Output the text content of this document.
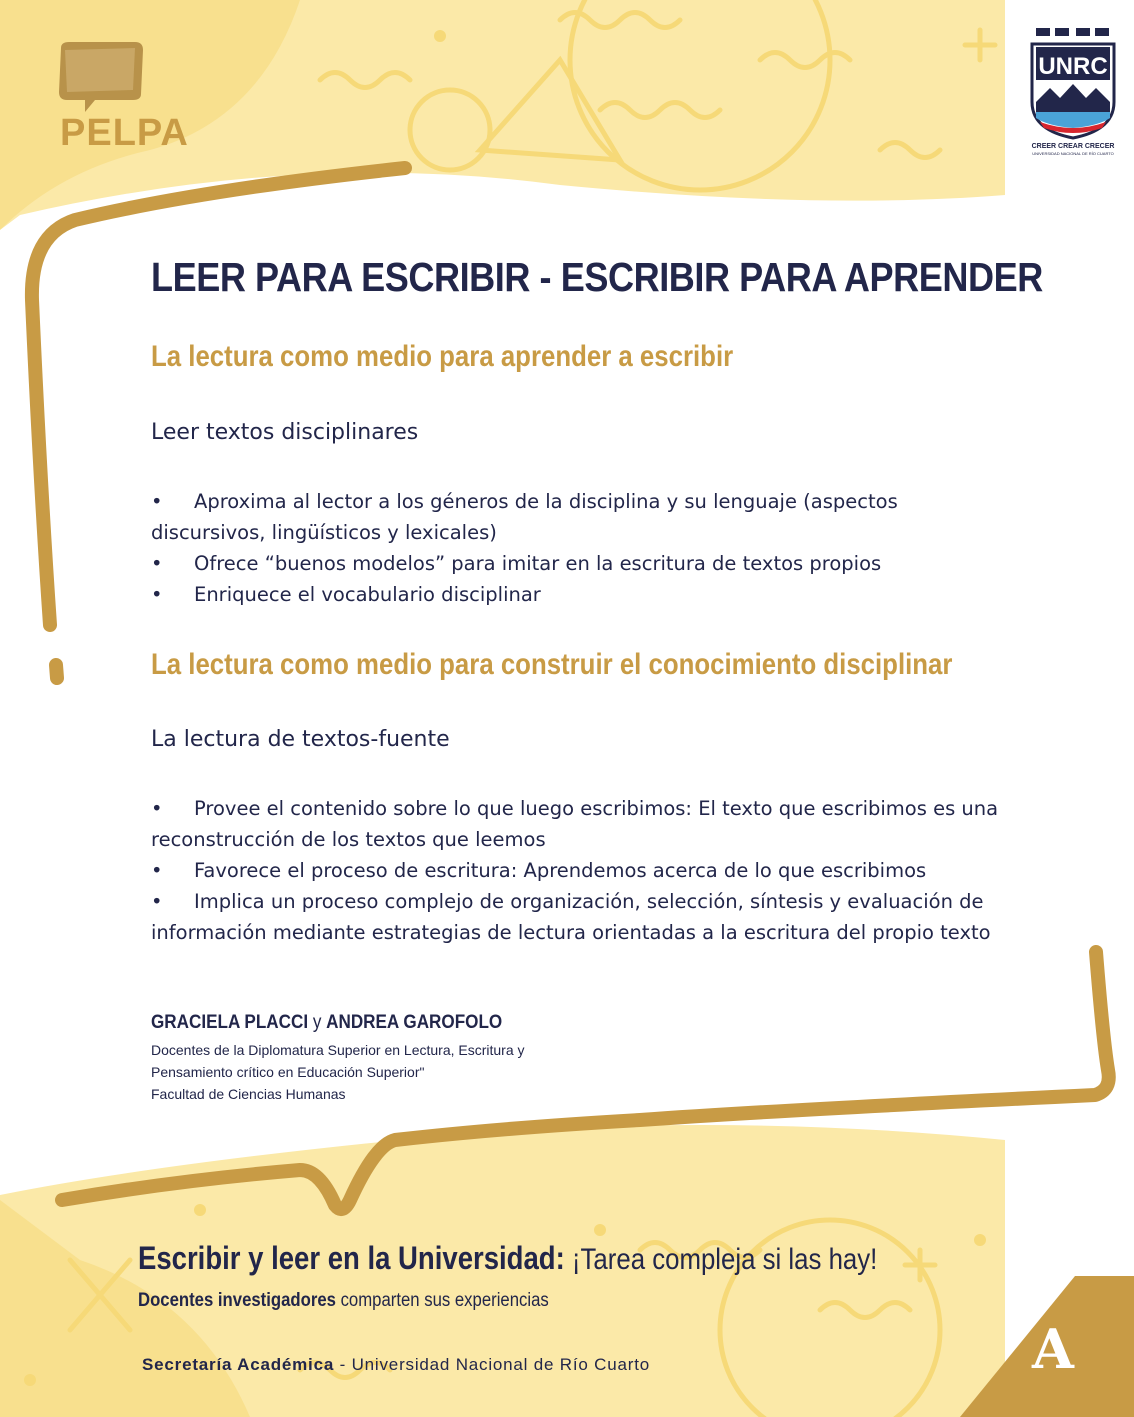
PELPA

UNRC
CREER CREAR CRECER
UNIVERSIDAD NACIONAL DE RÍO CUARTO
LEER PARA ESCRIBIR - ESCRIBIR PARA APRENDER
La lectura como medio para aprender a escribir
Leer textos disciplinares

• Aproxima al lector a los géneros de la disciplina y su lenguaje (aspectos

discursivos, lingüísticos y lexicales)

• Ofrece “buenos modelos” para imitar en la escritura de textos propios

• Enriquece el vocabulario disciplinar

La lectura como medio para construir el conocimiento disciplinar
La lectura de textos-fuente

• Provee el contenido sobre lo que luego escribimos: El texto que escribimos es una

reconstrucción de los textos que leemos

• Favorece el proceso de escritura: Aprendemos acerca de lo que escribimos

• Implica un proceso complejo de organización, selección, síntesis y evaluación de

información mediante estrategias de lectura orientadas a la escritura del propio texto

GRACIELA PLACCI y ANDREA GAROFOLO

Docentes de la Diplomatura Superior en Lectura, Escritura y

Pensamiento crítico en Educación Superior"

Facultad de Ciencias Humanas

Escribir y leer en la Universidad: ¡Tarea compleja si las hay!

Docentes investigadores comparten sus experiencias

Secretaría Académica - Universidad Nacional de Río Cuarto	A
